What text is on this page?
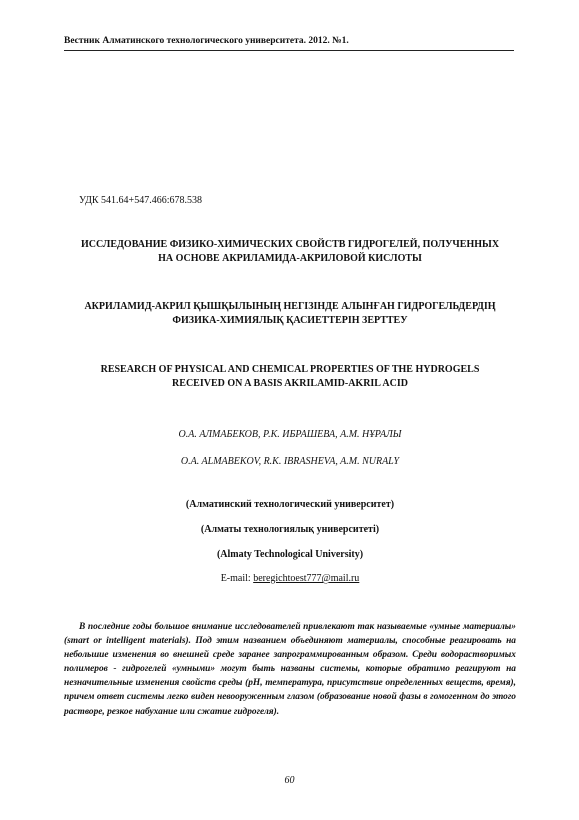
Вестник Алматинского технологического университета. 2012. №1.
УДК 541.64+547.466:678.538
ИССЛЕДОВАНИЕ ФИЗИКО-ХИМИЧЕСКИХ СВОЙСТВ ГИДРОГЕЛЕЙ, ПОЛУЧЕННЫХ
НА ОСНОВЕ АКРИЛАМИДА-АКРИЛОВОЙ КИСЛОТЫ
АКРИЛАМИД-АКРИЛ ҚЫШҚЫЛЫНЫҢ НЕГІЗІНДЕ АЛЫНҒАН ГИДРОГЕЛЬДЕРДІҢ
ФИЗИКА-ХИМИЯЛЫҚ ҚАСИЕТТЕРІН ЗЕРТТЕУ
RESEARCH OF PHYSICAL AND CHEMICAL PROPERTIES OF THE HYDROGELS
RECEIVED ON A BASIS AKRILAMID-AKRIL ACID
О.А. АЛМАБЕКОВ, Р.К. ИБРАШЕВА, А.М. НҰРАЛЫ
O.A. ALMABEKOV, R.K. IBRASHEVA, A.M. NURALY
(Алматинский технологический университет)
(Алматы технологиялық университеті)
(Almaty Technological University)
E-mail: beregichtoest777@mail.ru

В последние годы большое внимание исследователей привлекают так называемые «умные материалы» (smart or intelligent materials). Под этим названием объединяют материалы, способные реагировать на небольшие изменения во внешней среде заранее запрограммированным образом. Среди водорастворимых полимеров - гидрогелей «умными» могут быть названы системы, которые обратимо реагируют на незначительные изменения свойств среды (рН, температура, присутствие определенных веществ, время), причем ответ системы легко виден невооруженным глазом (образование новой фазы в гомогенном до этого растворе, резкое набухание или сжатие гидрогеля).

60
